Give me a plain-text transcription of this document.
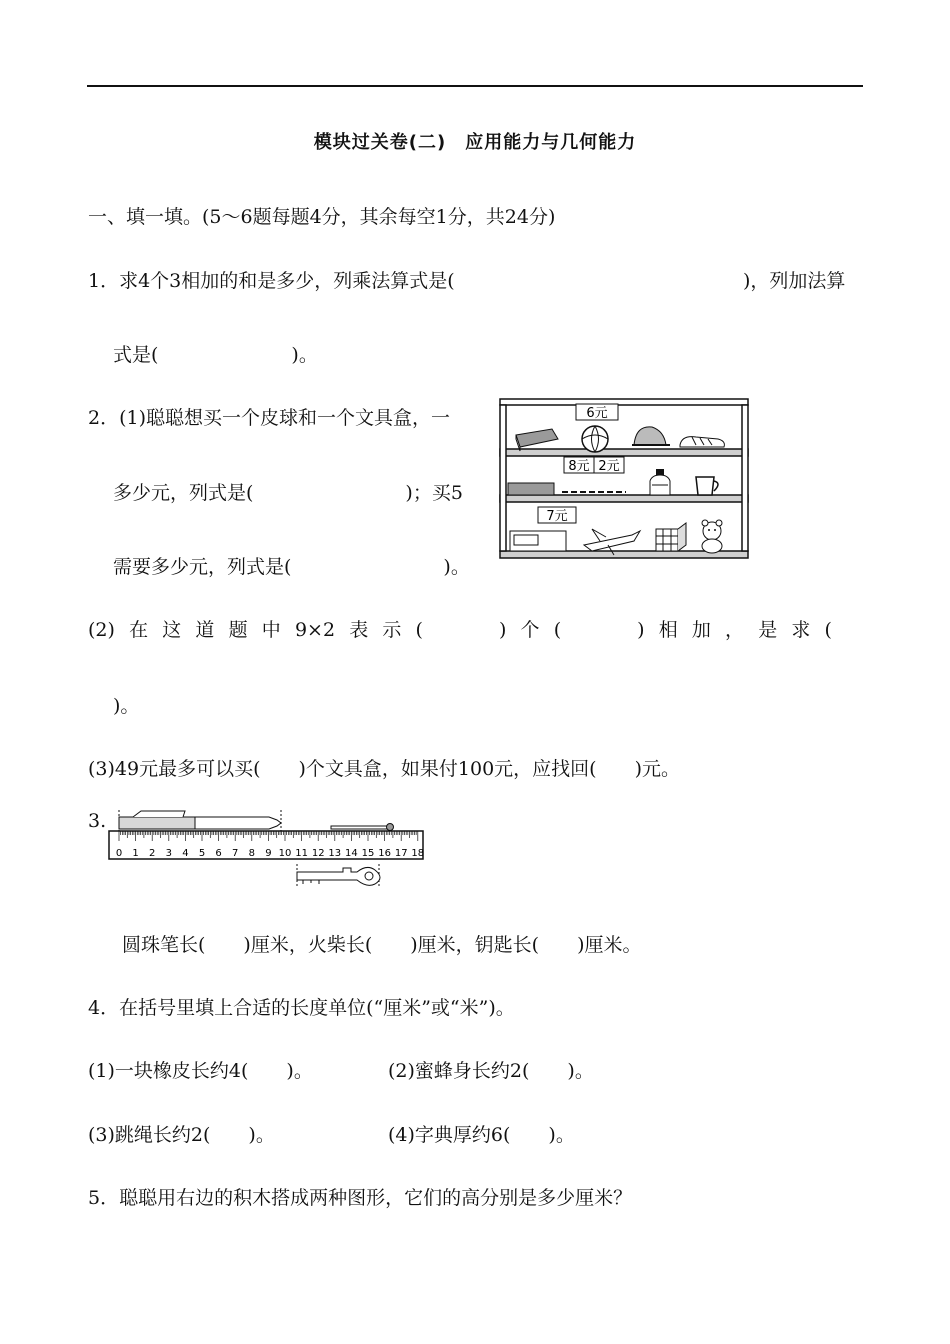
模块过关卷(二)　应用能力与几何能力
一、填一填。(5～6题每题4分，其余每空1分，共24分)
1．求4个3相加的和是多少，列乘法算式是(	)，列加法算
式是(　　　　　　　)。
2．(1)聪聪想买一个皮球和一个文具盒，一
多少元，列式是(　　　　　　　　)；买5
需要多少元，列式是(　　　　　　　　)。
6元
8元 2元
7元
(2) 在 这 道 题 中 9×2 表 示 (　　　　) 个 (　　　　) 相 加 ， 是 求 (
)。
(3)49元最多可以买(　　)个文具盒，如果付100元，应找回(　　)元。
3.
0 1 2 3 4 5 6 7 8 9 10 11 12 13 14 15 16 17 18
圆珠笔长(　　)厘米，火柴长(　　)厘米，钥匙长(　　)厘米。
4．在括号里填上合适的长度单位(“厘米”或“米”)。
(1)一块橡皮长约4(　　)。	(2)蜜蜂身长约2(　　)。
(3)跳绳长约2(　　)。	(4)字典厚约6(　　)。
5．聪聪用右边的积木搭成两种图形，它们的高分别是多少厘米？
